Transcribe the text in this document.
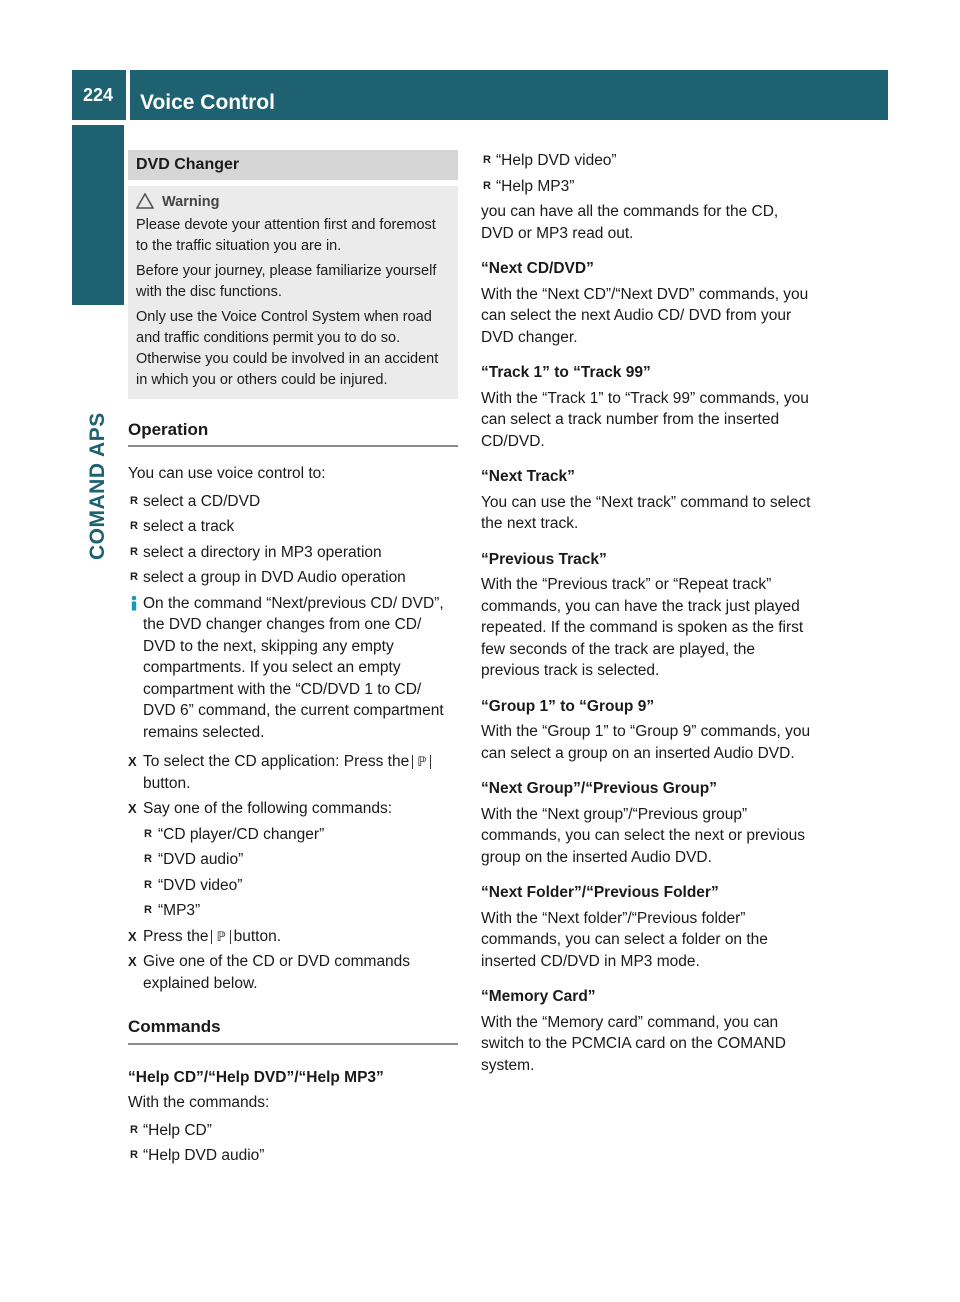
224	Voice Control
COMAND APS
DVD Changer
Warning

Please devote your attention first and foremost to the traffic situation you are in.

Before your journey, please familiarize yourself with the disc functions.

Only use the Voice Control System when road and traffic conditions permit you to do so. Otherwise you could be involved in an accident in which you or others could be injured.

Operation

You can use voice control to:

R select a CD/DVD
R select a track
R select a directory in MP3 operation
R select a group in DVD Audio operation
On the command “Next/previous CD/ DVD”, the DVD changer changes from one CD/ DVD to the next, skipping any empty compartments. If you select an empty compartment with the “CD/DVD 1 to CD/ DVD 6” command, the current compartment remains selected.
X To select the CD application: Press the ℙbutton.
X Say one of the following commands:
R “CD player/CD changer”
R “DVD audio”
R “DVD video”
R “MP3”
X Press the ℙ button.
X Give one of the CD or DVD commands explained below.
Commands
“Help CD”/“Help DVD”/“Help MP3”

With the commands:

R “Help CD”
R “Help DVD audio”
R “Help DVD video”
R “Help MP3”

you can have all the commands for the CD, DVD or MP3 read out.

“Next CD/DVD”

With the “Next CD”/“Next DVD” commands, you can select the next Audio CD/ DVD from your DVD changer.

“Track 1” to “Track 99”

With the “Track 1” to “Track 99” commands, you can select a track number from the inserted CD/DVD.

“Next Track”

You can use the “Next track” command to select the next track.

“Previous Track”

With the “Previous track” or “Repeat track” commands, you can have the track just played repeated. If the command is spoken as the first few seconds of the track are played, the previous track is selected.

“Group 1” to “Group 9”

With the “Group 1” to “Group 9” commands, you can select a group on an inserted Audio DVD.

“Next Group”/“Previous Group”

With the “Next group”/“Previous group” commands, you can select the next or previous group on the inserted Audio DVD.

“Next Folder”/“Previous Folder”

With the “Next folder”/“Previous folder” commands, you can select a folder on the inserted CD/DVD in MP3 mode.

“Memory Card”

With the “Memory card” command, you can switch to the PCMCIA card on the COMAND system.
